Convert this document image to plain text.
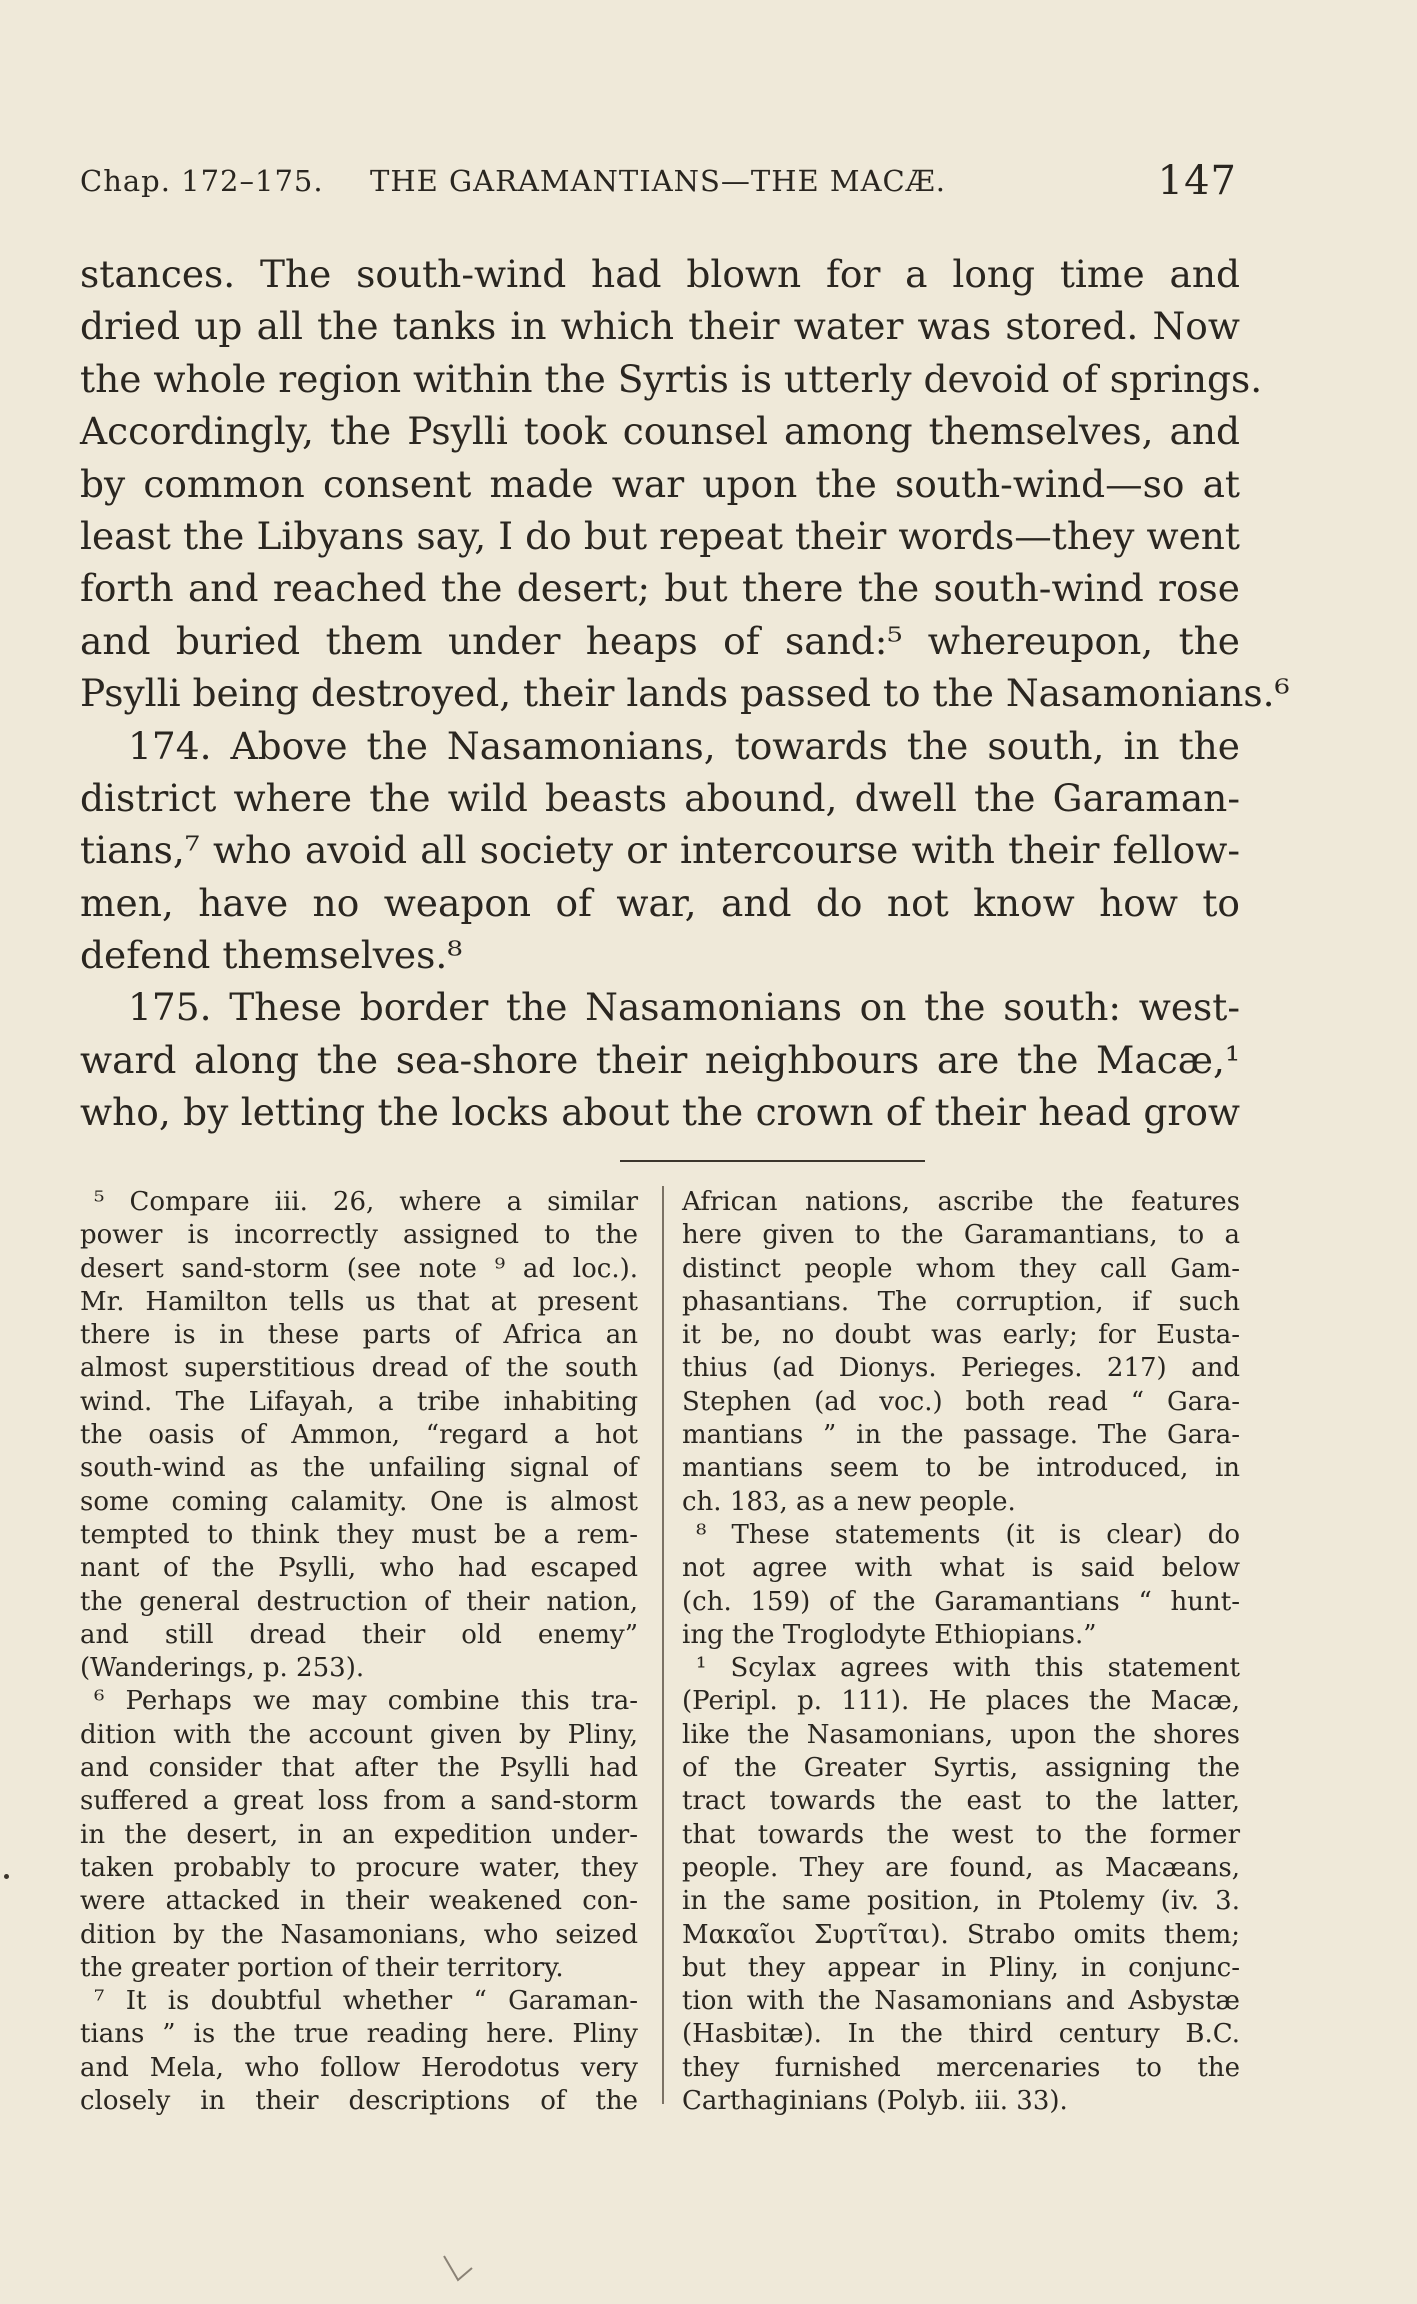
Chap. 172–175. THE GARAMANTIANS—THE MACÆ.	147
stances. The south-wind had blown for a long time and
dried up all the tanks in which their water was stored. Now
the whole region within the Syrtis is utterly devoid of springs.
Accordingly, the Psylli took counsel among themselves, and
by common consent made war upon the south-wind—so at
least the Libyans say, I do but repeat their words—they went
forth and reached the desert; but there the south-wind rose
and buried them under heaps of sand:⁵ whereupon, the
Psylli being destroyed, their lands passed to the Nasamonians.⁶
174. Above the Nasamonians, towards the south, in the
district where the wild beasts abound, dwell the Garaman-
tians,⁷ who avoid all society or intercourse with their fellow-
men, have no weapon of war, and do not know how to
defend themselves.⁸
175. These border the Nasamonians on the south: west-
ward along the sea-shore their neighbours are the Macæ,¹
who, by letting the locks about the crown of their head grow
⁵ Compare iii. 26, where a similar
power is incorrectly assigned to the
desert sand-storm (see note ⁹ ad loc.).
Mr. Hamilton tells us that at present
there is in these parts of Africa an
almost superstitious dread of the south
wind. The Lifayah, a tribe inhabiting
the oasis of Ammon, “regard a hot
south-wind as the unfailing signal of
some coming calamity. One is almost
tempted to think they must be a rem-
nant of the Psylli, who had escaped
the general destruction of their nation,
and still dread their old enemy”
(Wanderings, p. 253).
⁶ Perhaps we may combine this tra-
dition with the account given by Pliny,
and consider that after the Psylli had
suffered a great loss from a sand-storm
in the desert, in an expedition under-
taken probably to procure water, they
were attacked in their weakened con-
dition by the Nasamonians, who seized
the greater portion of their territory.
⁷ It is doubtful whether “ Garaman-
tians ” is the true reading here. Pliny
and Mela, who follow Herodotus very
closely in their descriptions of the
African nations, ascribe the features
here given to the Garamantians, to a
distinct people whom they call Gam-
phasantians. The corruption, if such
it be, no doubt was early; for Eusta-
thius (ad Dionys. Perieges. 217) and
Stephen (ad voc.) both read “ Gara-
mantians ” in the passage. The Gara-
mantians seem to be introduced, in
ch. 183, as a new people.
⁸ These statements (it is clear) do
not agree with what is said below
(ch. 159) of the Garamantians “ hunt-
ing the Troglodyte Ethiopians.”
¹ Scylax agrees with this statement
(Peripl. p. 111). He places the Macæ,
like the Nasamonians, upon the shores
of the Greater Syrtis, assigning the
tract towards the east to the latter,
that towards the west to the former
people. They are found, as Macæans,
in the same position, in Ptolemy (iv. 3.
Μακαῖοι Συρτῖται). Strabo omits them;
but they appear in Pliny, in conjunc-
tion with the Nasamonians and Asbystæ
(Hasbitæ). In the third century B.C.
they furnished mercenaries to the
Carthaginians (Polyb. iii. 33).
